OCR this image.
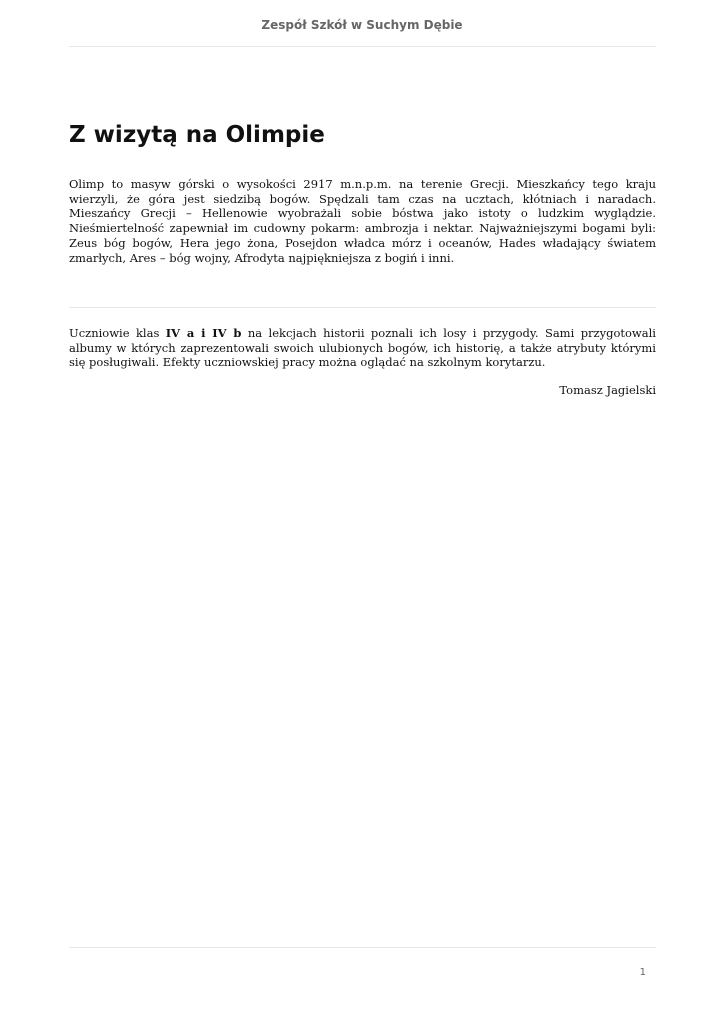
Zespół Szkół w Suchym Dębie
Z wizytą na Olimpie

Olimp to masyw górski o wysokości 2917 m.n.p.m. na terenie Grecji. Mieszkańcy tego kraju wierzyli, że góra jest siedzibą bogów. Spędzali tam czas na ucztach, kłótniach i naradach. Mieszańcy Grecji – Hellenowie wyobrażali sobie bóstwa jako istoty o ludzkim wyglądzie. Nieśmiertelność zapewniał im cudowny pokarm: ambrozja i nektar. Najważniejszymi bogami byli: Zeus bóg bogów, Hera jego żona, Posejdon władca mórz i oceanów, Hades władający światem zmarłych, Ares – bóg wojny, Afrodyta najpiękniejsza z bogiń i inni.

Uczniowie klas IV a i IV b na lekcjach historii poznali ich losy i przygody. Sami przygotowali albumy w których zaprezentowali swoich ulubionych bogów, ich historię, a także atrybuty którymi się posługiwali. Efekty uczniowskiej pracy można oglądać na szkolnym korytarzu.

Tomasz Jagielski
1
